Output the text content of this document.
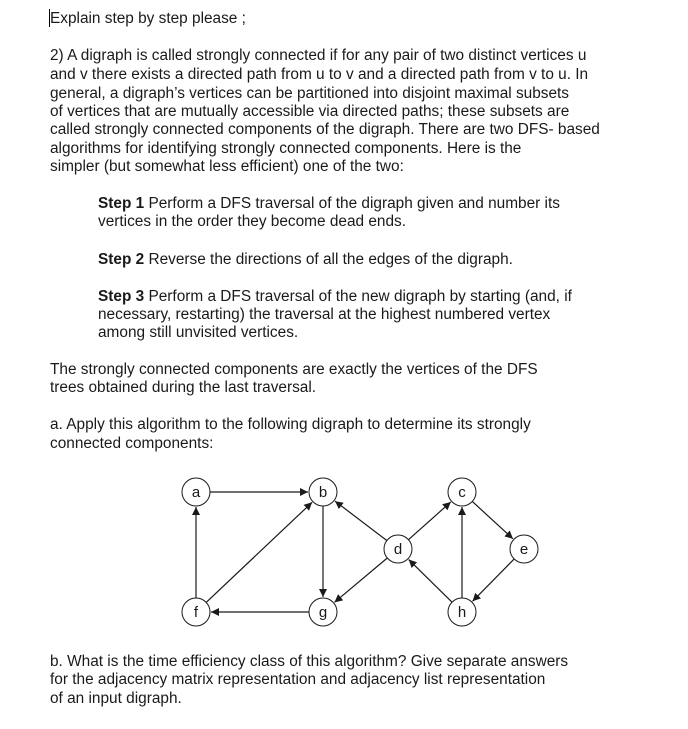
Explain step by step please ;
2) A digraph is called strongly connected if for any pair of two distinct vertices u
and v there exists a directed path from u to v and a directed path from v to u. In
general, a digraph’s vertices can be partitioned into disjoint maximal subsets
of vertices that are mutually accessible via directed paths; these subsets are
called strongly connected components of the digraph. There are two DFS- based
algorithms for identifying strongly connected components. Here is the
simpler (but somewhat less efficient) one of the two:
Step 1 Perform a DFS traversal of the digraph given and number its
vertices in the order they become dead ends.
Step 2 Reverse the directions of all the edges of the digraph.
Step 3 Perform a DFS traversal of the new digraph by starting (and, if
necessary, restarting) the traversal at the highest numbered vertex
among still unvisited vertices.
The strongly connected components are exactly the vertices of the DFS
trees obtained during the last traversal.
a. Apply this algorithm to the following digraph to determine its strongly
connected components:
a	b	c
d	e
f	g	h
b. What is the time efficiency class of this algorithm? Give separate answers
for the adjacency matrix representation and adjacency list representation
of an input digraph.
